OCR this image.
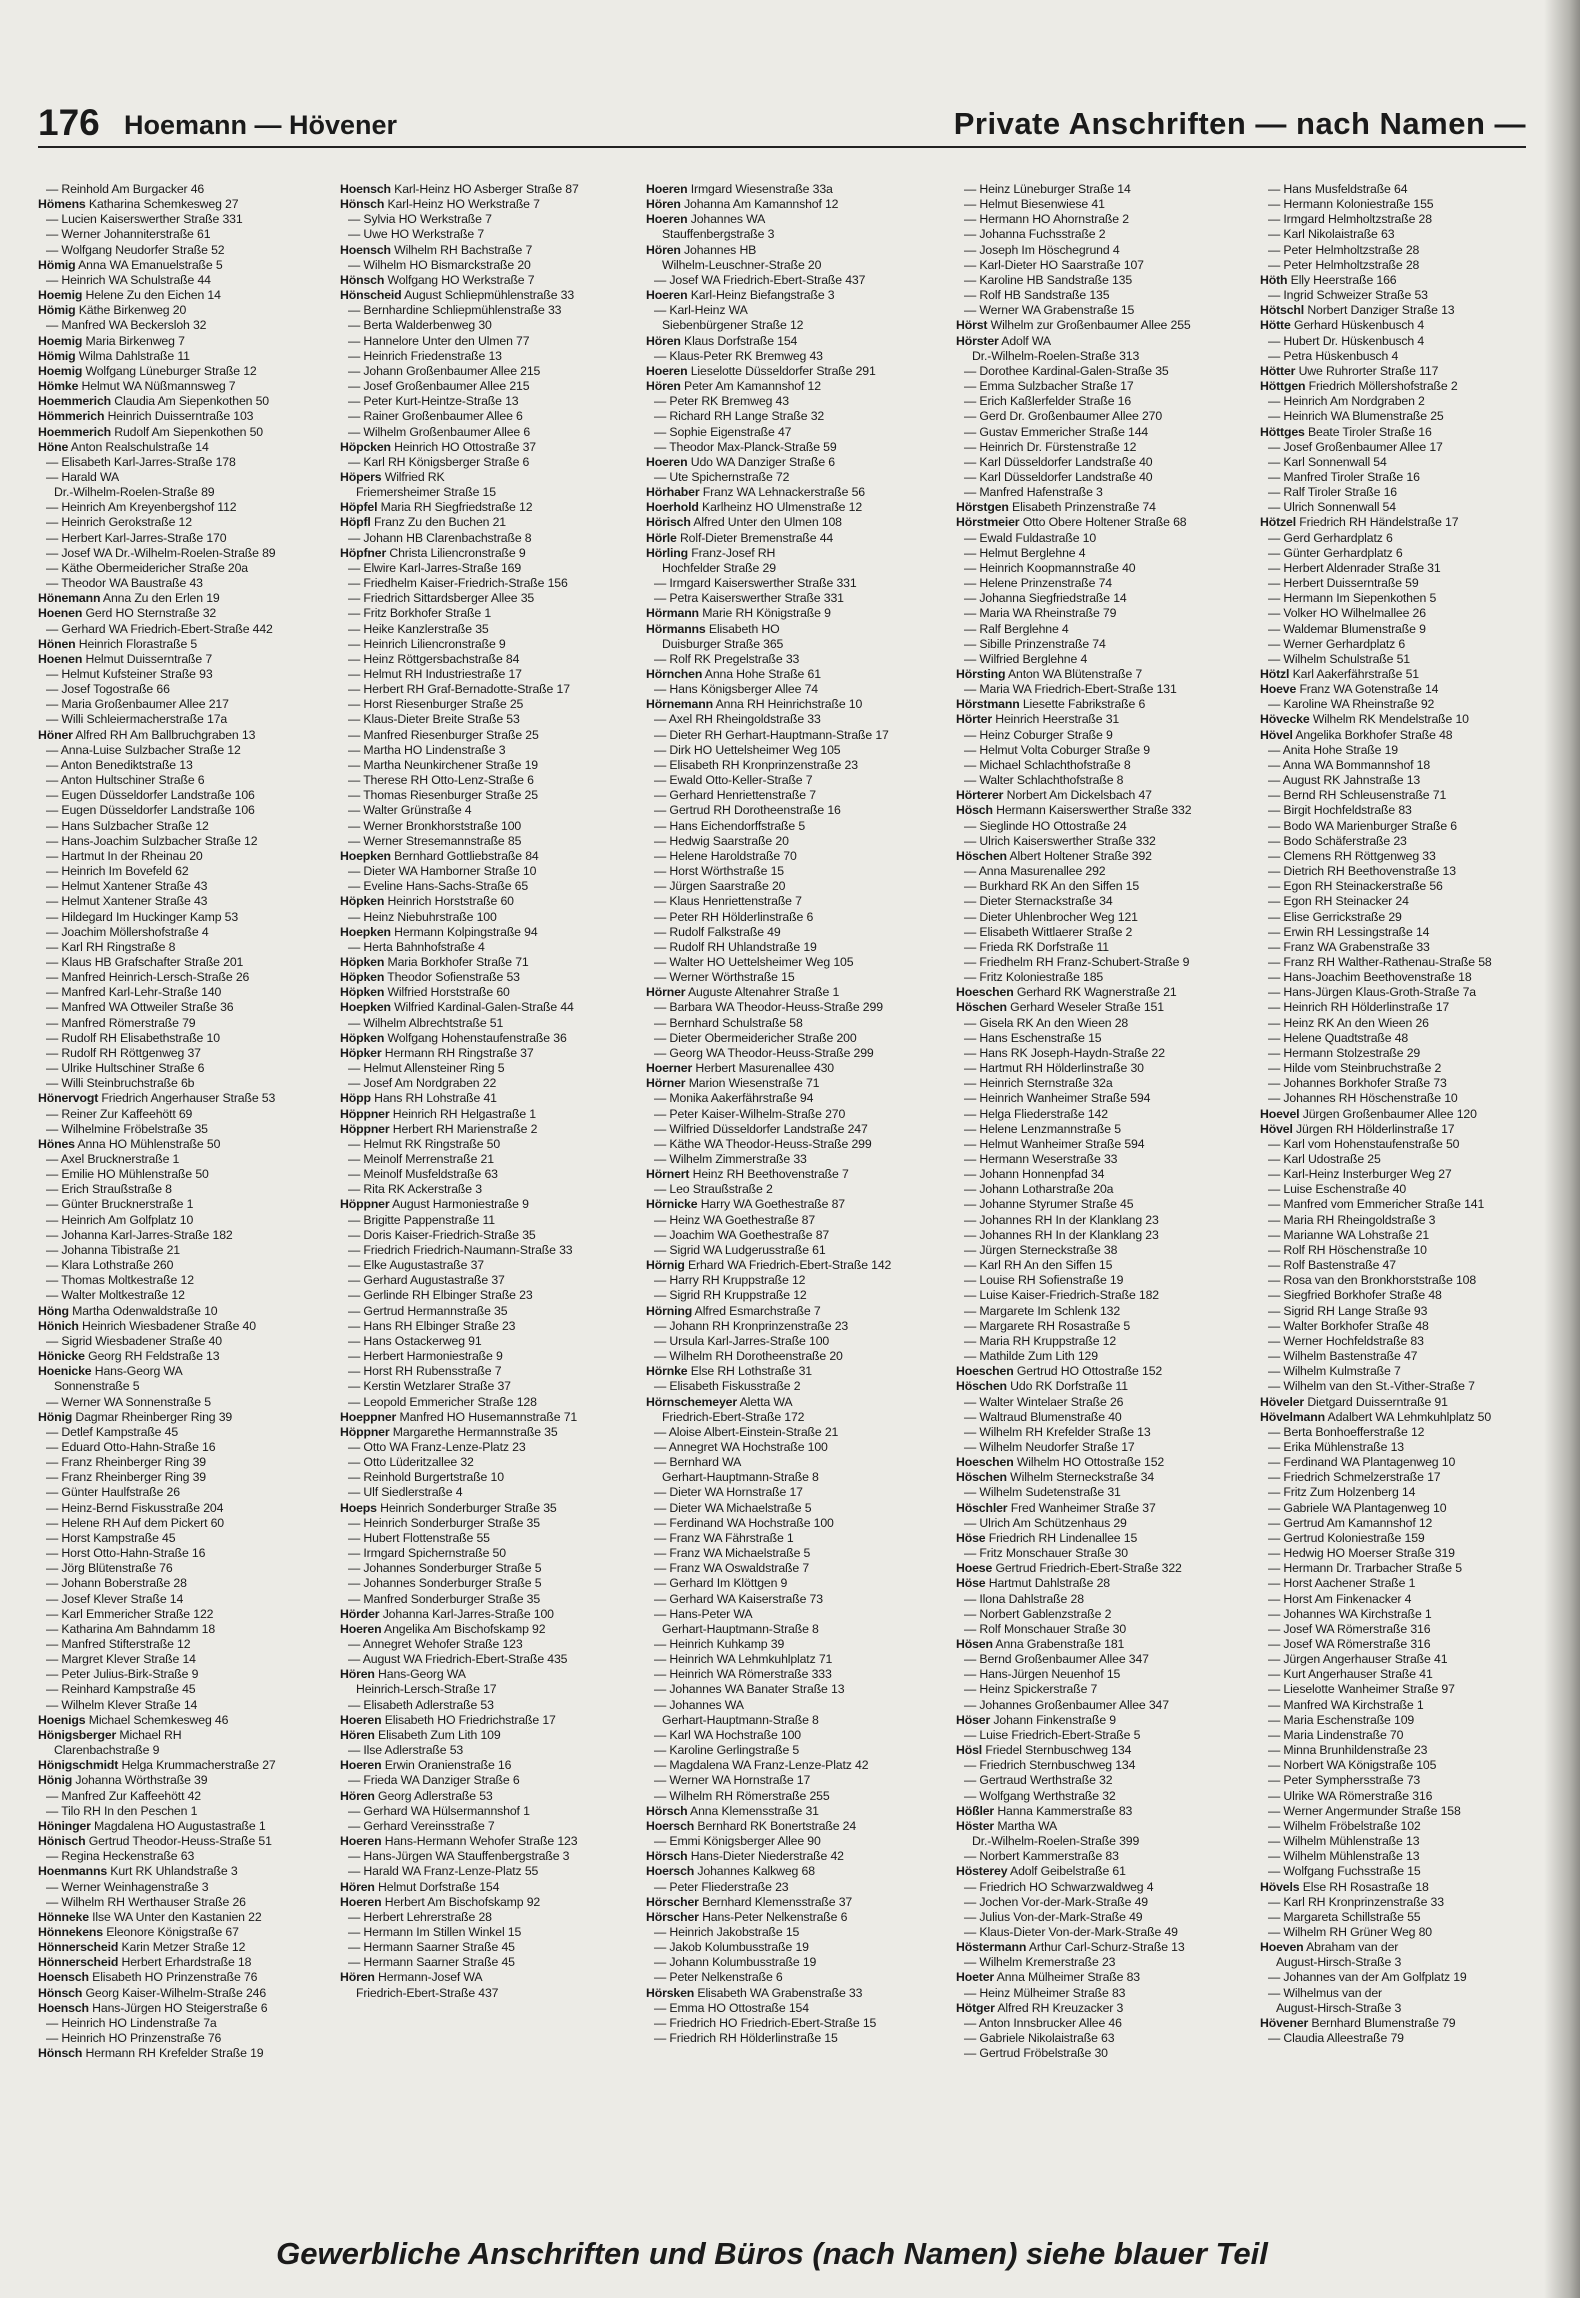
176 Hoemann — Hövener	Private Anschriften — nach Namen —
— Reinhold Am Burgacker 46
Hömens Katharina Schemkesweg 27
— Lucien Kaiserswerther Straße 331
— Werner Johanniterstraße 61
— Wolfgang Neudorfer Straße 52
Hömig Anna WA Emanuelstraße 5
— Heinrich WA Schulstraße 44
Hoemig Helene Zu den Eichen 14
Hömig Käthe Birkenweg 20
— Manfred WA Beckersloh 32
Hoemig Maria Birkenweg 7
Hömig Wilma Dahlstraße 11
Hoemig Wolfgang Lüneburger Straße 12
Hömke Helmut WA Nüßmannsweg 7
Hoemmerich Claudia Am Siepenkothen 50
Hömmerich Heinrich Duisserntraße 103
Hoemmerich Rudolf Am Siepenkothen 50
Höne Anton Realschulstraße 14
— Elisabeth Karl-Jarres-Straße 178
— Harald WA
Dr.-Wilhelm-Roelen-Straße 89
— Heinrich Am Kreyenbergshof 112
— Heinrich Gerokstraße 12
— Herbert Karl-Jarres-Straße 170
— Josef WA Dr.-Wilhelm-Roelen-Straße 89
— Käthe Obermeidericher Straße 20a
— Theodor WA Baustraße 43
Hönemann Anna Zu den Erlen 19
Hoenen Gerd HO Sternstraße 32
— Gerhard WA Friedrich-Ebert-Straße 442
Hönen Heinrich Florastraße 5
Hoenen Helmut Duisserntraße 7
— Helmut Kufsteiner Straße 93
— Josef Togostraße 66
— Maria Großenbaumer Allee 217
— Willi Schleiermacherstraße 17a
Höner Alfred RH Am Ballbruchgraben 13
— Anna-Luise Sulzbacher Straße 12
— Anton Benediktstraße 13
— Anton Hultschiner Straße 6
— Eugen Düsseldorfer Landstraße 106
— Eugen Düsseldorfer Landstraße 106
— Hans Sulzbacher Straße 12
— Hans-Joachim Sulzbacher Straße 12
— Hartmut In der Rheinau 20
— Heinrich Im Bovefeld 62
— Helmut Xantener Straße 43
— Helmut Xantener Straße 43
— Hildegard Im Huckinger Kamp 53
— Joachim Möllershofstraße 4
— Karl RH Ringstraße 8
— Klaus HB Grafschafter Straße 201
— Manfred Heinrich-Lersch-Straße 26
— Manfred Karl-Lehr-Straße 140
— Manfred WA Ottweiler Straße 36
— Manfred Römerstraße 79
— Rudolf RH Elisabethstraße 10
— Rudolf RH Röttgenweg 37
— Ulrike Hultschiner Straße 6
— Willi Steinbruchstraße 6b
Hönervogt Friedrich Angerhauser Straße 53
— Reiner Zur Kaffeehött 69
— Wilhelmine Fröbelstraße 35
Hönes Anna HO Mühlenstraße 50
— Axel Brucknerstraße 1
— Emilie HO Mühlenstraße 50
— Erich Straußstraße 8
— Günter Brucknerstraße 1
— Heinrich Am Golfplatz 10
— Johanna Karl-Jarres-Straße 182
— Johanna Tibistraße 21
— Klara Lothstraße 260
— Thomas Moltkestraße 12
— Walter Moltkestraße 12
Höng Martha Odenwaldstraße 10
Hönich Heinrich Wiesbadener Straße 40
— Sigrid Wiesbadener Straße 40
Hönicke Georg RH Feldstraße 13
Hoenicke Hans-Georg WA
Sonnenstraße 5
— Werner WA Sonnenstraße 5
Hönig Dagmar Rheinberger Ring 39
— Detlef Kampstraße 45
— Eduard Otto-Hahn-Straße 16
— Franz Rheinberger Ring 39
— Franz Rheinberger Ring 39
— Günter Haulfstraße 26
— Heinz-Bernd Fiskusstraße 204
— Helene RH Auf dem Pickert 60
— Horst Kampstraße 45
— Horst Otto-Hahn-Straße 16
— Jörg Blütenstraße 76
— Johann Boberstraße 28
— Josef Klever Straße 14
— Karl Emmericher Straße 122
— Katharina Am Bahndamm 18
— Manfred Stifterstraße 12
— Margret Klever Straße 14
— Peter Julius-Birk-Straße 9
— Reinhard Kampstraße 45
— Wilhelm Klever Straße 14
Hoenigs Michael Schemkesweg 46
Hönigsberger Michael RH
Clarenbachstraße 9
Hönigschmidt Helga Krummacherstraße 27
Hönig Johanna Wörthstraße 39
— Manfred Zur Kaffeehött 42
— Tilo RH In den Peschen 1
Höninger Magdalena HO Augustastraße 1
Hönisch Gertrud Theodor-Heuss-Straße 51
— Regina Heckenstraße 63
Hoenmanns Kurt RK Uhlandstraße 3
— Werner Weinhagenstraße 3
— Wilhelm RH Werthauser Straße 26
Hönneke Ilse WA Unter den Kastanien 22
Hönnekens Eleonore Königstraße 67
Hönnerscheid Karin Metzer Straße 12
Hönnerscheid Herbert Erhardstraße 18
Hoensch Elisabeth HO Prinzenstraße 76
Hönsch Georg Kaiser-Wilhelm-Straße 246
Hoensch Hans-Jürgen HO Steigerstraße 6
— Heinrich HO Lindenstraße 7a
— Heinrich HO Prinzenstraße 76
Hönsch Hermann RH Krefelder Straße 19
Hoensch Karl-Heinz HO Asberger Straße 87
Hönsch Karl-Heinz HO Werkstraße 7
— Sylvia HO Werkstraße 7
— Uwe HO Werkstraße 7
Hoensch Wilhelm RH Bachstraße 7
— Wilhelm HO Bismarckstraße 20
Hönsch Wolfgang HO Werkstraße 7
Hönscheid August Schliepmühlenstraße 33
— Bernhardine Schliepmühlenstraße 33
— Berta Walderbenweg 30
— Hannelore Unter den Ulmen 77
— Heinrich Friedenstraße 13
— Johann Großenbaumer Allee 215
— Josef Großenbaumer Allee 215
— Peter Kurt-Heintze-Straße 13
— Rainer Großenbaumer Allee 6
— Wilhelm Großenbaumer Allee 6
Höpcken Heinrich HO Ottostraße 37
— Karl RH Königsberger Straße 6
Höpers Wilfried RK
Friemersheimer Straße 15
Höpfel Maria RH Siegfriedstraße 12
Höpfl Franz Zu den Buchen 21
— Johann HB Clarenbachstraße 8
Höpfner Christa Liliencronstraße 9
— Elwire Karl-Jarres-Straße 169
— Friedhelm Kaiser-Friedrich-Straße 156
— Friedrich Sittardsberger Allee 35
— Fritz Borkhofer Straße 1
— Heike Kanzlerstraße 35
— Heinrich Liliencronstraße 9
— Heinz Röttgersbachstraße 84
— Helmut RH Industriestraße 17
— Herbert RH Graf-Bernadotte-Straße 17
— Horst Riesenburger Straße 25
— Klaus-Dieter Breite Straße 53
— Manfred Riesenburger Straße 25
— Martha HO Lindenstraße 3
— Martha Neunkirchener Straße 19
— Therese RH Otto-Lenz-Straße 6
— Thomas Riesenburger Straße 25
— Walter Grünstraße 4
— Werner Bronkhorststraße 100
— Werner Stresemannstraße 85
Hoepken Bernhard Gottliebstraße 84
— Dieter WA Hamborner Straße 10
— Eveline Hans-Sachs-Straße 65
Höpken Heinrich Horststraße 60
— Heinz Niebuhrstraße 100
Hoepken Hermann Kolpingstraße 94
— Herta Bahnhofstraße 4
Höpken Maria Borkhofer Straße 71
Höpken Theodor Sofienstraße 53
Höpken Wilfried Horststraße 60
Hoepken Wilfried Kardinal-Galen-Straße 44
— Wilhelm Albrechtstraße 51
Höpken Wolfgang Hohenstaufenstraße 36
Höpker Hermann RH Ringstraße 37
— Helmut Allensteiner Ring 5
— Josef Am Nordgraben 22
Höpp Hans RH Lohstraße 41
Höppner Heinrich RH Helgastraße 1
Höppner Herbert RH Marienstraße 2
— Helmut RK Ringstraße 50
— Meinolf Merrenstraße 21
— Meinolf Musfeldstraße 63
— Rita RK Ackerstraße 3
Höppner August Harmoniestraße 9
— Brigitte Pappenstraße 11
— Doris Kaiser-Friedrich-Straße 35
— Friedrich Friedrich-Naumann-Straße 33
— Elke Augustastraße 37
— Gerhard Augustastraße 37
— Gerlinde RH Elbinger Straße 23
— Gertrud Hermannstraße 35
— Hans RH Elbinger Straße 23
— Hans Ostackerweg 91
— Herbert Harmoniestraße 9
— Horst RH Rubensstraße 7
— Kerstin Wetzlarer Straße 37
— Leopold Emmericher Straße 128
Hoeppner Manfred HO Husemannstraße 71
Höppner Margarethe Hermannstraße 35
— Otto WA Franz-Lenze-Platz 23
— Otto Lüderitzallee 32
— Reinhold Burgertstraße 10
— Ulf Siedlerstraße 4
Hoeps Heinrich Sonderburger Straße 35
— Heinrich Sonderburger Straße 35
— Hubert Flottenstraße 55
— Irmgard Spichernstraße 50
— Johannes Sonderburger Straße 5
— Johannes Sonderburger Straße 5
— Manfred Sonderburger Straße 35
Hörder Johanna Karl-Jarres-Straße 100
Hoeren Angelika Am Bischofskamp 92
— Annegret Wehofer Straße 123
— August WA Friedrich-Ebert-Straße 435
Hören Hans-Georg WA
Heinrich-Lersch-Straße 17
— Elisabeth Adlerstraße 53
Hoeren Elisabeth HO Friedrichstraße 17
Hören Elisabeth Zum Lith 109
— Ilse Adlerstraße 53
Hoeren Erwin Oranienstraße 16
— Frieda WA Danziger Straße 6
Hören Georg Adlerstraße 53
— Gerhard WA Hülsermannshof 1
— Gerhard Vereinsstraße 7
Hoeren Hans-Hermann Wehofer Straße 123
— Hans-Jürgen WA Stauffenbergstraße 3
— Harald WA Franz-Lenze-Platz 55
Hören Helmut Dorfstraße 154
Hoeren Herbert Am Bischofskamp 92
— Herbert Lehrerstraße 28
— Hermann Im Stillen Winkel 15
— Hermann Saarner Straße 45
— Hermann Saarner Straße 45
Hören Hermann-Josef WA
Friedrich-Ebert-Straße 437
Hoeren Irmgard Wiesenstraße 33a
Hören Johanna Am Kamannshof 12
Hoeren Johannes WA
Stauffenbergstraße 3
Hören Johannes HB
Wilhelm-Leuschner-Straße 20
— Josef WA Friedrich-Ebert-Straße 437
Hoeren Karl-Heinz Biefangstraße 3
— Karl-Heinz WA
Siebenbürgener Straße 12
Hören Klaus Dorfstraße 154
— Klaus-Peter RK Bremweg 43
Hoeren Lieselotte Düsseldorfer Straße 291
Hören Peter Am Kamannshof 12
— Peter RK Bremweg 43
— Richard RH Lange Straße 32
— Sophie Eigenstraße 47
— Theodor Max-Planck-Straße 59
Hoeren Udo WA Danziger Straße 6
— Ute Spichernstraße 72
Hörhaber Franz WA Lehnackerstraße 56
Hoerhold Karlheinz HO Ulmenstraße 12
Hörisch Alfred Unter den Ulmen 108
Hörle Rolf-Dieter Bremenstraße 44
Hörling Franz-Josef RH
Hochfelder Straße 29
— Irmgard Kaiserswerther Straße 331
— Petra Kaiserswerther Straße 331
Hörmann Marie RH Königstraße 9
Hörmanns Elisabeth HO
Duisburger Straße 365
— Rolf RK Pregelstraße 33
Hörnchen Anna Hohe Straße 61
— Hans Königsberger Allee 74
Hörnemann Anna RH Heinrichstraße 10
— Axel RH Rheingoldstraße 33
— Dieter RH Gerhart-Hauptmann-Straße 17
— Dirk HO Uettelsheimer Weg 105
— Elisabeth RH Kronprinzenstraße 23
— Ewald Otto-Keller-Straße 7
— Gerhard Henriettenstraße 7
— Gertrud RH Dorotheenstraße 16
— Hans Eichendorffstraße 5
— Hedwig Saarstraße 20
— Helene Haroldstraße 70
— Horst Wörthstraße 15
— Jürgen Saarstraße 20
— Klaus Henriettenstraße 7
— Peter RH Hölderlinstraße 6
— Rudolf Falkstraße 49
— Rudolf RH Uhlandstraße 19
— Walter HO Uettelsheimer Weg 105
— Werner Wörthstraße 15
Hörner Auguste Altenahrer Straße 1
— Barbara WA Theodor-Heuss-Straße 299
— Bernhard Schulstraße 58
— Dieter Obermeidericher Straße 200
— Georg WA Theodor-Heuss-Straße 299
Hoerner Herbert Masurenallee 430
Hörner Marion Wiesenstraße 71
— Monika Aakerfährstraße 94
— Peter Kaiser-Wilhelm-Straße 270
— Wilfried Düsseldorfer Landstraße 247
— Käthe WA Theodor-Heuss-Straße 299
— Wilhelm Zimmerstraße 33
Hörnert Heinz RH Beethovenstraße 7
— Leo Straußstraße 2
Hörnicke Harry WA Goethestraße 87
— Heinz WA Goethestraße 87
— Joachim WA Goethestraße 87
— Sigrid WA Ludgerusstraße 61
Hörnig Erhard WA Friedrich-Ebert-Straße 142
— Harry RH Kruppstraße 12
— Sigrid RH Kruppstraße 12
Hörning Alfred Esmarchstraße 7
— Johann RH Kronprinzenstraße 23
— Ursula Karl-Jarres-Straße 100
— Wilhelm RH Dorotheenstraße 20
Hörnke Else RH Lothstraße 31
— Elisabeth Fiskusstraße 2
Hörnschemeyer Aletta WA
Friedrich-Ebert-Straße 172
— Aloise Albert-Einstein-Straße 21
— Annegret WA Hochstraße 100
— Bernhard WA
Gerhart-Hauptmann-Straße 8
— Dieter WA Hornstraße 17
— Dieter WA Michaelstraße 5
— Ferdinand WA Hochstraße 100
— Franz WA Fährstraße 1
— Franz WA Michaelstraße 5
— Franz WA Oswaldstraße 7
— Gerhard Im Klöttgen 9
— Gerhard WA Kaiserstraße 73
— Hans-Peter WA
Gerhart-Hauptmann-Straße 8
— Heinrich Kuhkamp 39
— Heinrich WA Lehmkuhlplatz 71
— Heinrich WA Römerstraße 333
— Johannes WA Banater Straße 13
— Johannes WA
Gerhart-Hauptmann-Straße 8
— Karl WA Hochstraße 100
— Karoline Gerlingstraße 5
— Magdalena WA Franz-Lenze-Platz 42
— Werner WA Hornstraße 17
— Wilhelm RH Römerstraße 255
Hörsch Anna Klemensstraße 31
Hoersch Bernhard RK Bonertstraße 24
— Emmi Königsberger Allee 90
Hörsch Hans-Dieter Niederstraße 42
Hoersch Johannes Kalkweg 68
— Peter Fliederstraße 23
Hörscher Bernhard Klemensstraße 37
Hörscher Hans-Peter Nelkenstraße 6
— Heinrich Jakobstraße 15
— Jakob Kolumbusstraße 19
— Johann Kolumbusstraße 19
— Peter Nelkenstraße 6
Hörsken Elisabeth WA Grabenstraße 33
— Emma HO Ottostraße 154
— Friedrich HO Friedrich-Ebert-Straße 15
— Friedrich RH Hölderlinstraße 15
— Heinz Lüneburger Straße 14
— Helmut Biesenwiese 41
— Hermann HO Ahornstraße 2
— Johanna Fuchsstraße 2
— Joseph Im Höschegrund 4
— Karl-Dieter HO Saarstraße 107
— Karoline HB Sandstraße 135
— Rolf HB Sandstraße 135
— Werner WA Grabenstraße 15
Hörst Wilhelm zur Großenbaumer Allee 255
Hörster Adolf WA
Dr.-Wilhelm-Roelen-Straße 313
— Dorothee Kardinal-Galen-Straße 35
— Emma Sulzbacher Straße 17
— Erich Kaßlerfelder Straße 16
— Gerd Dr. Großenbaumer Allee 270
— Gustav Emmericher Straße 144
— Heinrich Dr. Fürstenstraße 12
— Karl Düsseldorfer Landstraße 40
— Karl Düsseldorfer Landstraße 40
— Manfred Hafenstraße 3
Hörstgen Elisabeth Prinzenstraße 74
Hörstmeier Otto Obere Holtener Straße 68
— Ewald Fuldastraße 10
— Helmut Berglehne 4
— Heinrich Koopmannstraße 40
— Helene Prinzenstraße 74
— Johanna Siegfriedstraße 14
— Maria WA Rheinstraße 79
— Ralf Berglehne 4
— Sibille Prinzenstraße 74
— Wilfried Berglehne 4
Hörsting Anton WA Blütenstraße 7
— Maria WA Friedrich-Ebert-Straße 131
Hörstmann Liesette Fabrikstraße 6
Hörter Heinrich Heerstraße 31
— Heinz Coburger Straße 9
— Helmut Volta Coburger Straße 9
— Michael Schlachthofstraße 8
— Walter Schlachthofstraße 8
Hörterer Norbert Am Dickelsbach 47
Hösch Hermann Kaiserswerther Straße 332
— Sieglinde HO Ottostraße 24
— Ulrich Kaiserswerther Straße 332
Höschen Albert Holtener Straße 392
— Anna Masurenallee 292
— Burkhard RK An den Siffen 15
— Dieter Sternackstraße 34
— Dieter Uhlenbrocher Weg 121
— Elisabeth Wittlaerer Straße 2
— Frieda RK Dorfstraße 11
— Friedhelm RH Franz-Schubert-Straße 9
— Fritz Koloniestraße 185
Hoeschen Gerhard RK Wagnerstraße 21
Höschen Gerhard Weseler Straße 151
— Gisela RK An den Wieen 28
— Hans Eschenstraße 15
— Hans RK Joseph-Haydn-Straße 22
— Hartmut RH Hölderlinstraße 30
— Heinrich Sternstraße 32a
— Heinrich Wanheimer Straße 594
— Helga Fliederstraße 142
— Helene Lenzmannstraße 5
— Helmut Wanheimer Straße 594
— Hermann Weserstraße 33
— Johann Honnenpfad 34
— Johann Lotharstraße 20a
— Johanne Styrumer Straße 45
— Johannes RH In der Klanklang 23
— Johannes RH In der Klanklang 23
— Jürgen Sterneckstraße 38
— Karl RH An den Siffen 15
— Louise RH Sofienstraße 19
— Luise Kaiser-Friedrich-Straße 182
— Margarete Im Schlenk 132
— Margarete RH Rosastraße 5
— Maria RH Kruppstraße 12
— Mathilde Zum Lith 129
Hoeschen Gertrud HO Ottostraße 152
Höschen Udo RK Dorfstraße 11
— Walter Wintelaer Straße 26
— Waltraud Blumenstraße 40
— Wilhelm RH Krefelder Straße 13
— Wilhelm Neudorfer Straße 17
Hoeschen Wilhelm HO Ottostraße 152
Höschen Wilhelm Sterneckstraße 34
— Wilhelm Sudetenstraße 31
Höschler Fred Wanheimer Straße 37
— Ulrich Am Schützenhaus 29
Höse Friedrich RH Lindenallee 15
— Fritz Monschauer Straße 30
Hoese Gertrud Friedrich-Ebert-Straße 322
Höse Hartmut Dahlstraße 28
— Ilona Dahlstraße 28
— Norbert Gablenzstraße 2
— Rolf Monschauer Straße 30
Hösen Anna Grabenstraße 181
— Bernd Großenbaumer Allee 347
— Hans-Jürgen Neuenhof 15
— Heinz Spickerstraße 7
— Johannes Großenbaumer Allee 347
Höser Johann Finkenstraße 9
— Luise Friedrich-Ebert-Straße 5
Hösl Friedel Sternbuschweg 134
— Friedrich Sternbuschweg 134
— Gertraud Werthstraße 32
— Wolfgang Werthstraße 32
Hößler Hanna Kammerstraße 83
Höster Martha WA
Dr.-Wilhelm-Roelen-Straße 399
— Norbert Kammerstraße 83
Hösterey Adolf Geibelstraße 61
— Friedrich HO Schwarzwaldweg 4
— Jochen Vor-der-Mark-Straße 49
— Julius Von-der-Mark-Straße 49
— Klaus-Dieter Von-der-Mark-Straße 49
Höstermann Arthur Carl-Schurz-Straße 13
— Wilhelm Kremerstraße 23
Hoeter Anna Mülheimer Straße 83
— Heinz Mülheimer Straße 83
Hötger Alfred RH Kreuzacker 3
— Anton Innsbrucker Allee 46
— Gabriele Nikolaistraße 63
— Gertrud Fröbelstraße 30
— Hans Musfeldstraße 64
— Hermann Koloniestraße 155
— Irmgard Helmholtzstraße 28
— Karl Nikolaistraße 63
— Peter Helmholtzstraße 28
— Peter Helmholtzstraße 28
Höth Elly Heerstraße 166
— Ingrid Schweizer Straße 53
Hötschl Norbert Danziger Straße 13
Hötte Gerhard Hüskenbusch 4
— Hubert Dr. Hüskenbusch 4
— Petra Hüskenbusch 4
Hötter Uwe Ruhrorter Straße 117
Höttgen Friedrich Möllershofstraße 2
— Heinrich Am Nordgraben 2
— Heinrich WA Blumenstraße 25
Höttges Beate Tiroler Straße 16
— Josef Großenbaumer Allee 17
— Karl Sonnenwall 54
— Manfred Tiroler Straße 16
— Ralf Tiroler Straße 16
— Ulrich Sonnenwall 54
Hötzel Friedrich RH Händelstraße 17
— Gerd Gerhardplatz 6
— Günter Gerhardplatz 6
— Herbert Aldenrader Straße 31
— Herbert Duisserntraße 59
— Hermann Im Siepenkothen 5
— Volker HO Wilhelmallee 26
— Waldemar Blumenstraße 9
— Werner Gerhardplatz 6
— Wilhelm Schulstraße 51
Hötzl Karl Aakerfährstraße 51
Hoeve Franz WA Gotenstraße 14
— Karoline WA Rheinstraße 92
Hövecke Wilhelm RK Mendelstraße 10
Hövel Angelika Borkhofer Straße 48
— Anita Hohe Straße 19
— Anna WA Bommannshof 18
— August RK Jahnstraße 13
— Bernd RH Schleusenstraße 71
— Birgit Hochfeldstraße 83
— Bodo WA Marienburger Straße 6
— Bodo Schäferstraße 23
— Clemens RH Röttgenweg 33
— Dietrich RH Beethovenstraße 13
— Egon RH Steinackerstraße 56
— Egon RH Steinacker 24
— Elise Gerrickstraße 29
— Erwin RH Lessingstraße 14
— Franz WA Grabenstraße 33
— Franz RH Walther-Rathenau-Straße 58
— Hans-Joachim Beethovenstraße 18
— Hans-Jürgen Klaus-Groth-Straße 7a
— Heinrich RH Hölderlinstraße 17
— Heinz RK An den Wieen 26
— Helene Quadtstraße 48
— Hermann Stolzestraße 29
— Hilde vom Steinbruchstraße 2
— Johannes Borkhofer Straße 73
— Johannes RH Höschenstraße 10
Hoevel Jürgen Großenbaumer Allee 120
Hövel Jürgen RH Hölderlinstraße 17
— Karl vom Hohenstaufenstraße 50
— Karl Udostraße 25
— Karl-Heinz Insterburger Weg 27
— Luise Eschenstraße 40
— Manfred vom Emmericher Straße 141
— Maria RH Rheingoldstraße 3
— Marianne WA Lohstraße 21
— Rolf RH Höschenstraße 10
— Rolf Bastenstraße 47
— Rosa van den Bronkhorststraße 108
— Siegfried Borkhofer Straße 48
— Sigrid RH Lange Straße 93
— Walter Borkhofer Straße 48
— Werner Hochfeldstraße 83
— Wilhelm Bastenstraße 47
— Wilhelm Kulmstraße 7
— Wilhelm van den St.-Vither-Straße 7
Höveler Dietgard Duisserntraße 91
Hövelmann Adalbert WA Lehmkuhlplatz 50
— Berta Bonhoefferstraße 12
— Erika Mühlenstraße 13
— Ferdinand WA Plantagenweg 10
— Friedrich Schmelzerstraße 17
— Fritz Zum Holzenberg 14
— Gabriele WA Plantagenweg 10
— Gertrud Am Kamannshof 12
— Gertrud Koloniestraße 159
— Hedwig HO Moerser Straße 319
— Hermann Dr. Trarbacher Straße 5
— Horst Aachener Straße 1
— Horst Am Finkenacker 4
— Johannes WA Kirchstraße 1
— Josef WA Römerstraße 316
— Josef WA Römerstraße 316
— Jürgen Angerhauser Straße 41
— Kurt Angerhauser Straße 41
— Lieselotte Wanheimer Straße 97
— Manfred WA Kirchstraße 1
— Maria Eschenstraße 109
— Maria Lindenstraße 70
— Minna Brunhildenstraße 23
— Norbert WA Königstraße 105
— Peter Symphersstraße 73
— Ulrike WA Römerstraße 316
— Werner Angermunder Straße 158
— Wilhelm Fröbelstraße 102
— Wilhelm Mühlenstraße 13
— Wilhelm Mühlenstraße 13
— Wolfgang Fuchsstraße 15
Hövels Else RH Rosastraße 18
— Karl RH Kronprinzenstraße 33
— Margareta Schillstraße 55
— Wilhelm RH Grüner Weg 80
Hoeven Abraham van der
August-Hirsch-Straße 3
— Johannes van der Am Golfplatz 19
— Wilhelmus van der
August-Hirsch-Straße 3
Hövener Bernhard Blumenstraße 79
— Claudia Alleestraße 79
Gewerbliche Anschriften und Büros (nach Namen) siehe blauer Teil
